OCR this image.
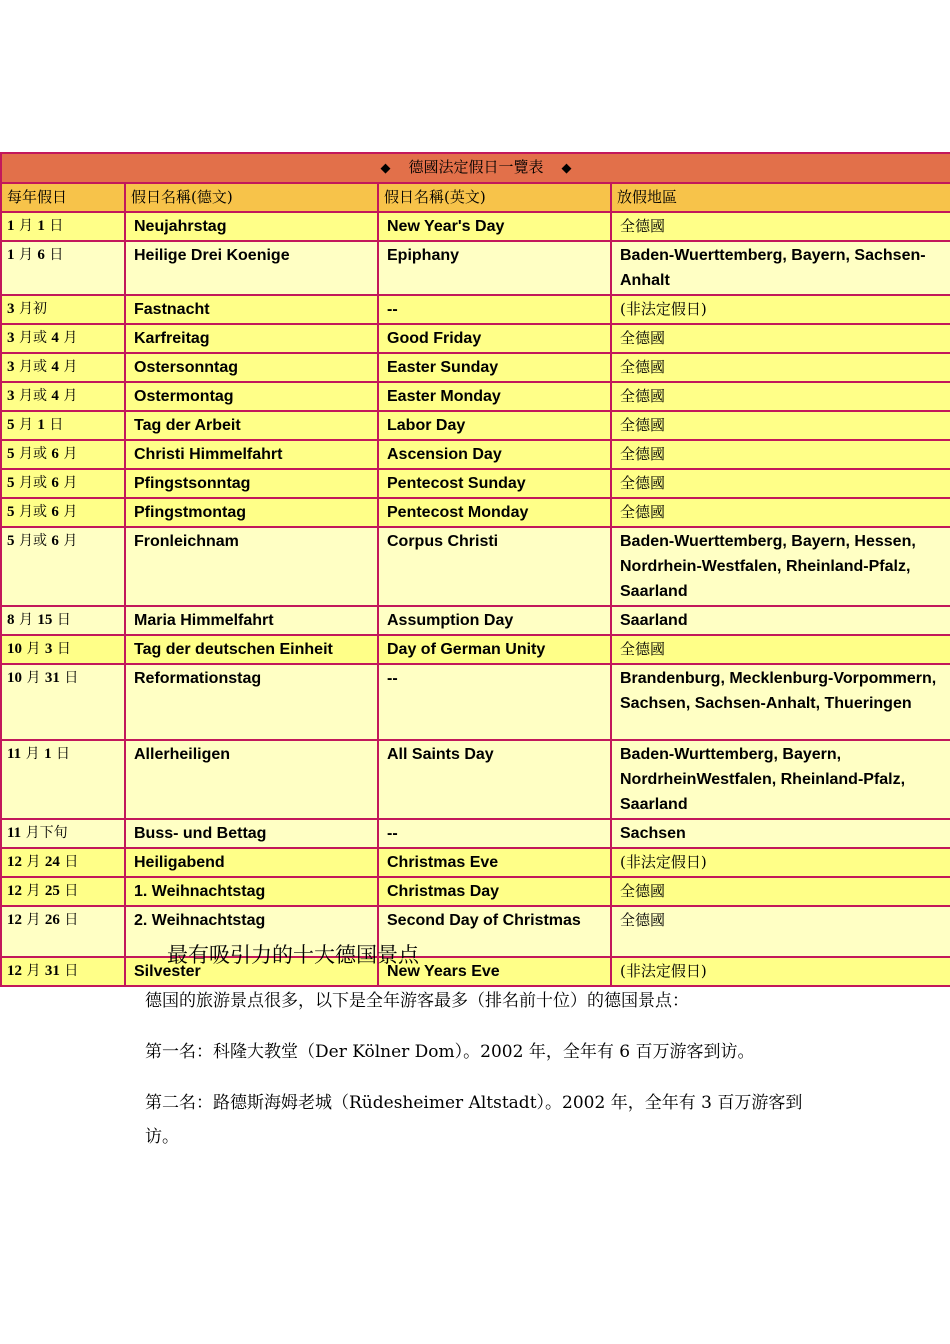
◆ 德國法定假日一覽表 ◆			
每年假日	假日名稱(德文)	假日名稱(英文)	放假地區
1 月 1 日	Neujahrstag	New Year's Day	全德國
1 月 6 日	Heilige Drei Koenige	Epiphany	Baden-Wuerttemberg, Bayern, Sachsen-Anhalt
3 月初	Fastnacht	--	(非法定假日)
3 月或 4 月	Karfreitag	Good Friday	全德國
3 月或 4 月	Ostersonntag	Easter Sunday	全德國
3 月或 4 月	Ostermontag	Easter Monday	全德國
5 月 1 日	Tag der Arbeit	Labor Day	全德國
5 月或 6 月	Christi Himmelfahrt	Ascension Day	全德國
5 月或 6 月	Pfingstsonntag	Pentecost Sunday	全德國
5 月或 6 月	Pfingstmontag	Pentecost Monday	全德國
5 月或 6 月	Fronleichnam	Corpus Christi	Baden-Wuerttemberg, Bayern, Hessen, Nordrhein-Westfalen, Rheinland-Pfalz, Saarland
8 月 15 日	Maria Himmelfahrt	Assumption Day	Saarland
10 月 3 日	Tag der deutschen Einheit	Day of German Unity	全德國
10 月 31 日	Reformationstag	--	Brandenburg, Mecklenburg-Vorpommern, Sachsen, Sachsen-Anhalt, Thueringen
11 月 1 日	Allerheiligen	All Saints Day	Baden-Wurttemberg, Bayern, NordrheinWestfalen, Rheinland-Pfalz, Saarland
11 月下旬	Buss- und Bettag	--	Sachsen
12 月 24 日	Heiligabend	Christmas Eve	(非法定假日)
12 月 25 日	1. Weihnachtstag	Christmas Day	全德國
12 月 26 日	2. Weihnachtstag	Second Day of Christmas	全德國
12 月 31 日	Silvester	New Years Eve	(非法定假日)
最有吸引力的十大德国景点

德国的旅游景点很多，以下是全年游客最多（排名前十位）的德国景点：

第一名：科隆大教堂（Der Kölner Dom）。2002 年，全年有 6 百万游客到访。

第二名：路德斯海姆老城（Rüdesheimer Altstadt）。2002 年，全年有 3 百万游客到访。
